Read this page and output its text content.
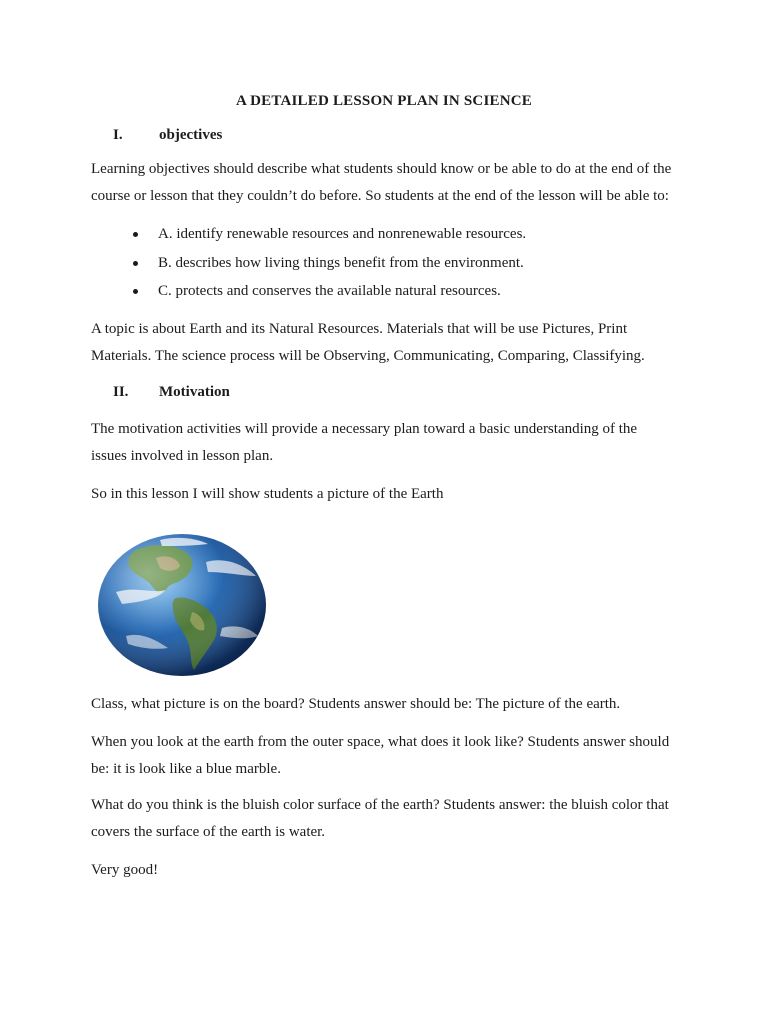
A DETAILED LESSON PLAN IN SCIENCE
I. objectives
Learning objectives should describe what students should know or be able to do at the end of the
course or lesson that they couldn’t do before. So students at the end of the lesson will be able to:
A. identify renewable resources and nonrenewable resources.
B. describes how living things benefit from the environment.
C. protects and conserves the available natural resources.
A topic is about Earth and its Natural Resources. Materials that will be use Pictures, Print
Materials. The science process will be Observing, Communicating, Comparing, Classifying.
II. Motivation
The motivation activities will provide a necessary plan toward a basic understanding of the
issues involved in lesson plan.
So in this lesson I will show students a picture of the Earth
Class, what picture is on the board? Students answer should be: The picture of the earth.
When you look at the earth from the outer space, what does it look like? Students answer should
be: it is look like a blue marble.
What do you think is the bluish color surface of the earth? Students answer: the bluish color that
covers the surface of the earth is water.
Very good!
